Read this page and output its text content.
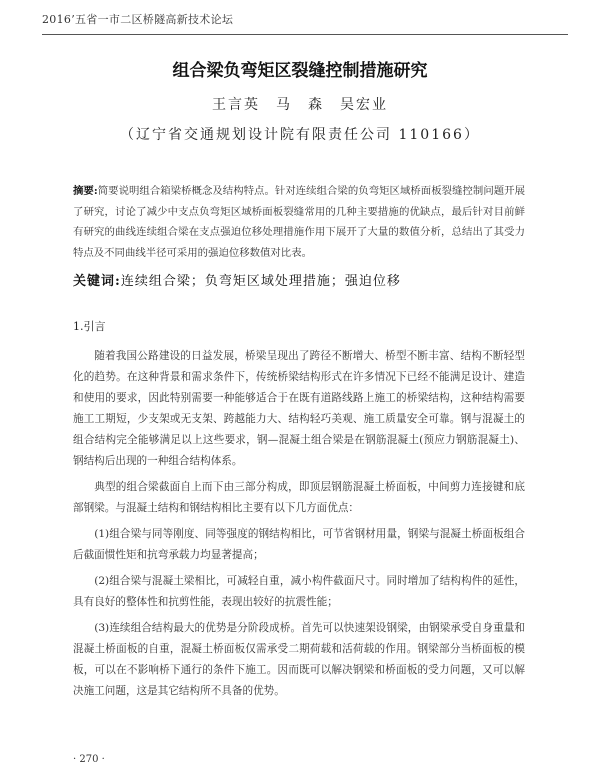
2016’五省一市二区桥隧高新技术论坛
组合梁负弯矩区裂缝控制措施研究
王言英　马　森　吴宏业
（辽宁省交通规划设计院有限责任公司 110166）

摘要:简要说明组合箱梁桥概念及结构特点。针对连续组合梁的负弯矩区域桥面板裂缝控制问题开展了研究，讨论了减少中支点负弯矩区域桥面板裂缝常用的几种主要措施的优缺点，最后针对目前鲜有研究的曲线连续组合梁在支点强迫位移处理措施作用下展开了大量的数值分析，总结出了其受力特点及不同曲线半径可采用的强迫位移数值对比表。

关键词:连续组合梁；负弯矩区域处理措施；强迫位移

1.引言

随着我国公路建设的日益发展，桥梁呈现出了跨径不断增大、桥型不断丰富、结构不断轻型化的趋势。在这种背景和需求条件下，传统桥梁结构形式在许多情况下已经不能满足设计、建造和使用的要求，因此特别需要一种能够适合于在既有道路线路上施工的桥梁结构，这种结构需要施工工期短，少支架或无支架、跨越能力大、结构轻巧美观、施工质量安全可靠。钢与混凝土的组合结构完全能够满足以上这些要求，钢—混凝土组合梁是在钢筋混凝土(预应力钢筋混凝土)、钢结构后出现的一种组合结构体系。

典型的组合梁截面自上而下由三部分构成，即顶层钢筋混凝土桥面板，中间剪力连接键和底部钢梁。与混凝土结构和钢结构相比主要有以下几方面优点：

(1)组合梁与同等刚度、同等强度的钢结构相比，可节省钢材用量，钢梁与混凝土桥面板组合后截面惯性矩和抗弯承载力均显著提高；

(2)组合梁与混凝土梁相比，可减轻自重，减小构件截面尺寸。同时增加了结构构件的延性，具有良好的整体性和抗剪性能，表现出较好的抗震性能；

(3)连续组合结构最大的优势是分阶段成桥。首先可以快速架设钢梁，由钢梁承受自身重量和混凝土桥面板的自重，混凝土桥面板仅需承受二期荷载和活荷载的作用。钢梁部分当桥面板的模板，可以在不影响桥下通行的条件下施工。因而既可以解决钢梁和桥面板的受力问题，又可以解决施工问题，这是其它结构所不具备的优势。

· 270 ·
